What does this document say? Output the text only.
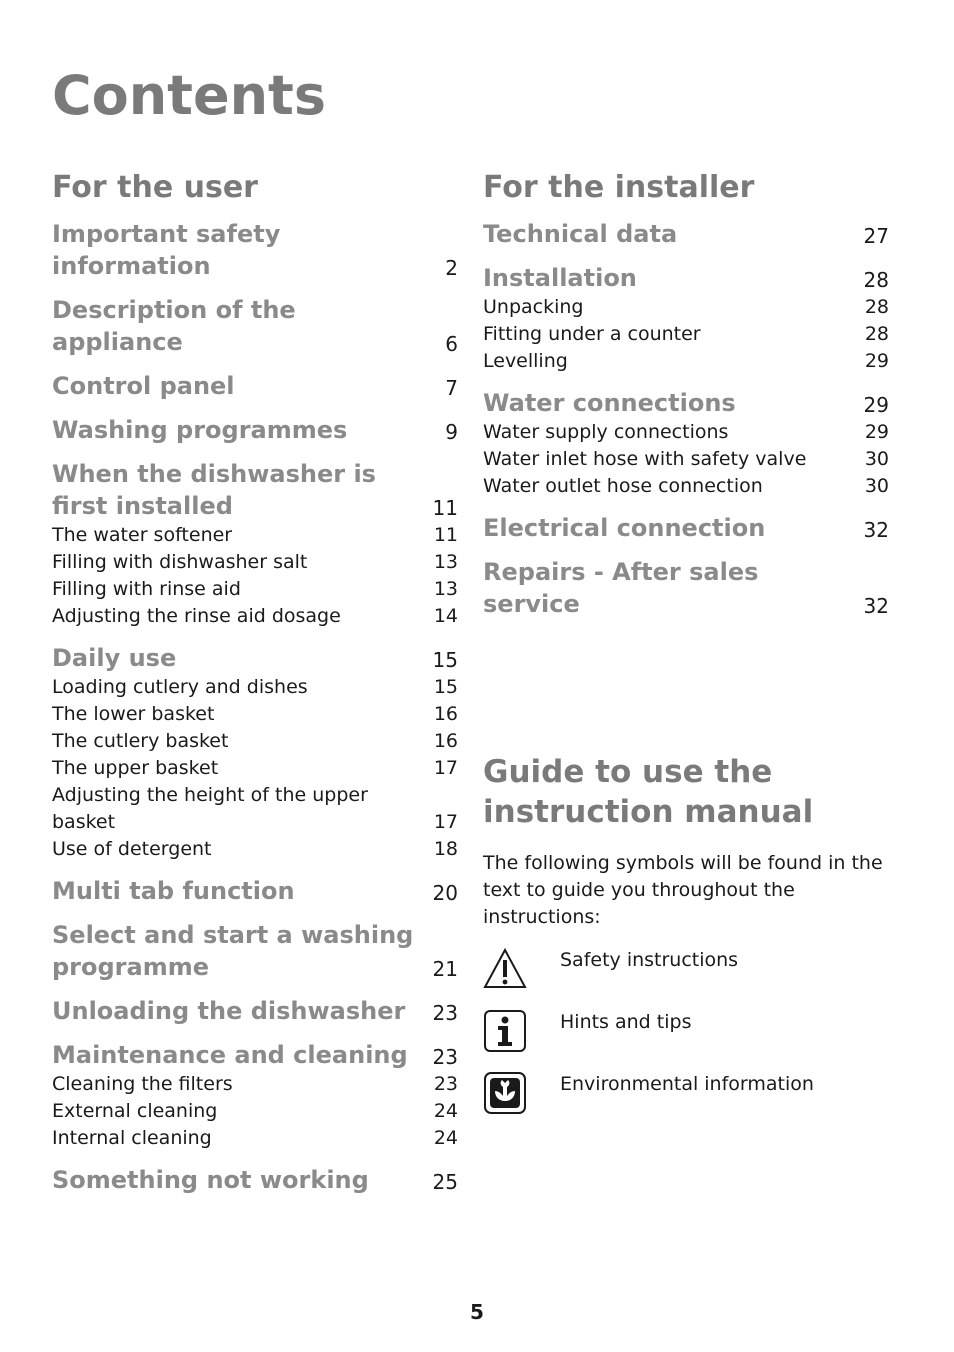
Contents
For the user
Important safety information	2
Description of the appliance	6
Control panel	7
Washing programmes	9
When the dishwasher is first installed	11
The water softener	11
Filling with dishwasher salt	13
Filling with rinse aid	13
Adjusting the rinse aid dosage	14
Daily use	15
Loading cutlery and dishes	15
The lower basket	16
The cutlery basket	16
The upper basket	17
Adjusting the height of the upper basket	17
Use of detergent	18
Multi tab function	20
Select and start a washing programme	21
Unloading the dishwasher	23
Maintenance and cleaning	23
Cleaning the filters	23
External cleaning	24
Internal cleaning	24
Something not working	25
For the installer
Technical data	27
Installation	28
Unpacking	28
Fitting under a counter	28
Levelling	29
Water connections	29
Water supply connections	29
Water inlet hose with safety valve	30
Water outlet hose connection	30
Electrical connection	32
Repairs - After sales service	32
Guide to use the instruction manual

The following symbols will be found in the text to guide you throughout the instructions:

Safety instructions
Hints and tips
Environmental information
5
